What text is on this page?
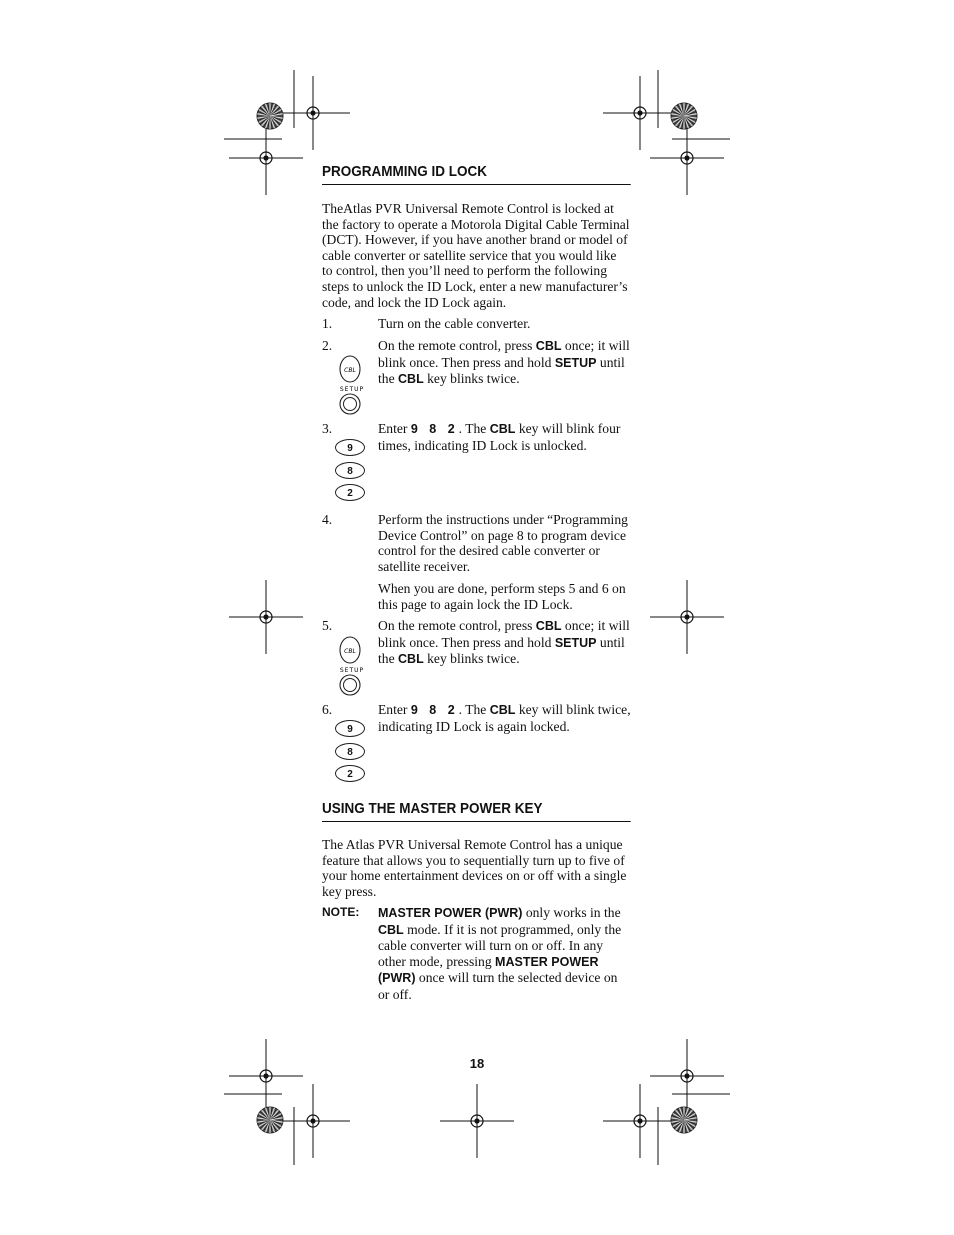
PROGRAMMING ID LOCK
TheAtlas PVR Universal Remote Control is locked at the factory to operate a Motorola Digital Cable Terminal (DCT). However, if you have another brand or model of cable converter or satellite service that you would like to control, then you’ll need to perform the following steps to unlock the ID Lock, enter a new manufacturer’s code, and lock the ID Lock again.
1.	Turn on the cable converter.
2.	On the remote control, press CBL once; it will blink once. Then press and hold SETUP until the CBL key blinks twice.
CBL
SETUP
3.	Enter 9 8 2. The CBL key will blink four times, indicating ID Lock is unlocked.
9
8
2
4.	Perform the instructions under “Programming Device Control” on page 8 to program device control for the desired cable converter or satellite receiver.
When you are done, perform steps 5 and 6 on this page to again lock the ID Lock.
5.	On the remote control, press CBL once; it will blink once. Then press and hold SETUP until the CBL key blinks twice.
CBL
SETUP
6.	Enter 9 8 2. The CBL key will blink twice, indicating ID Lock is again locked.
9
8
2
USING THE MASTER POWER KEY
The Atlas PVR Universal Remote Control has a unique feature that allows you to sequentially turn up to five of your home entertainment devices on or off with a single key press.
NOTE: MASTER POWER (PWR) only works in the CBL mode. If it is not programmed, only the cable converter will turn on or off. In any other mode, pressing MASTER POWER (PWR) once will turn the selected device on or off.
18
